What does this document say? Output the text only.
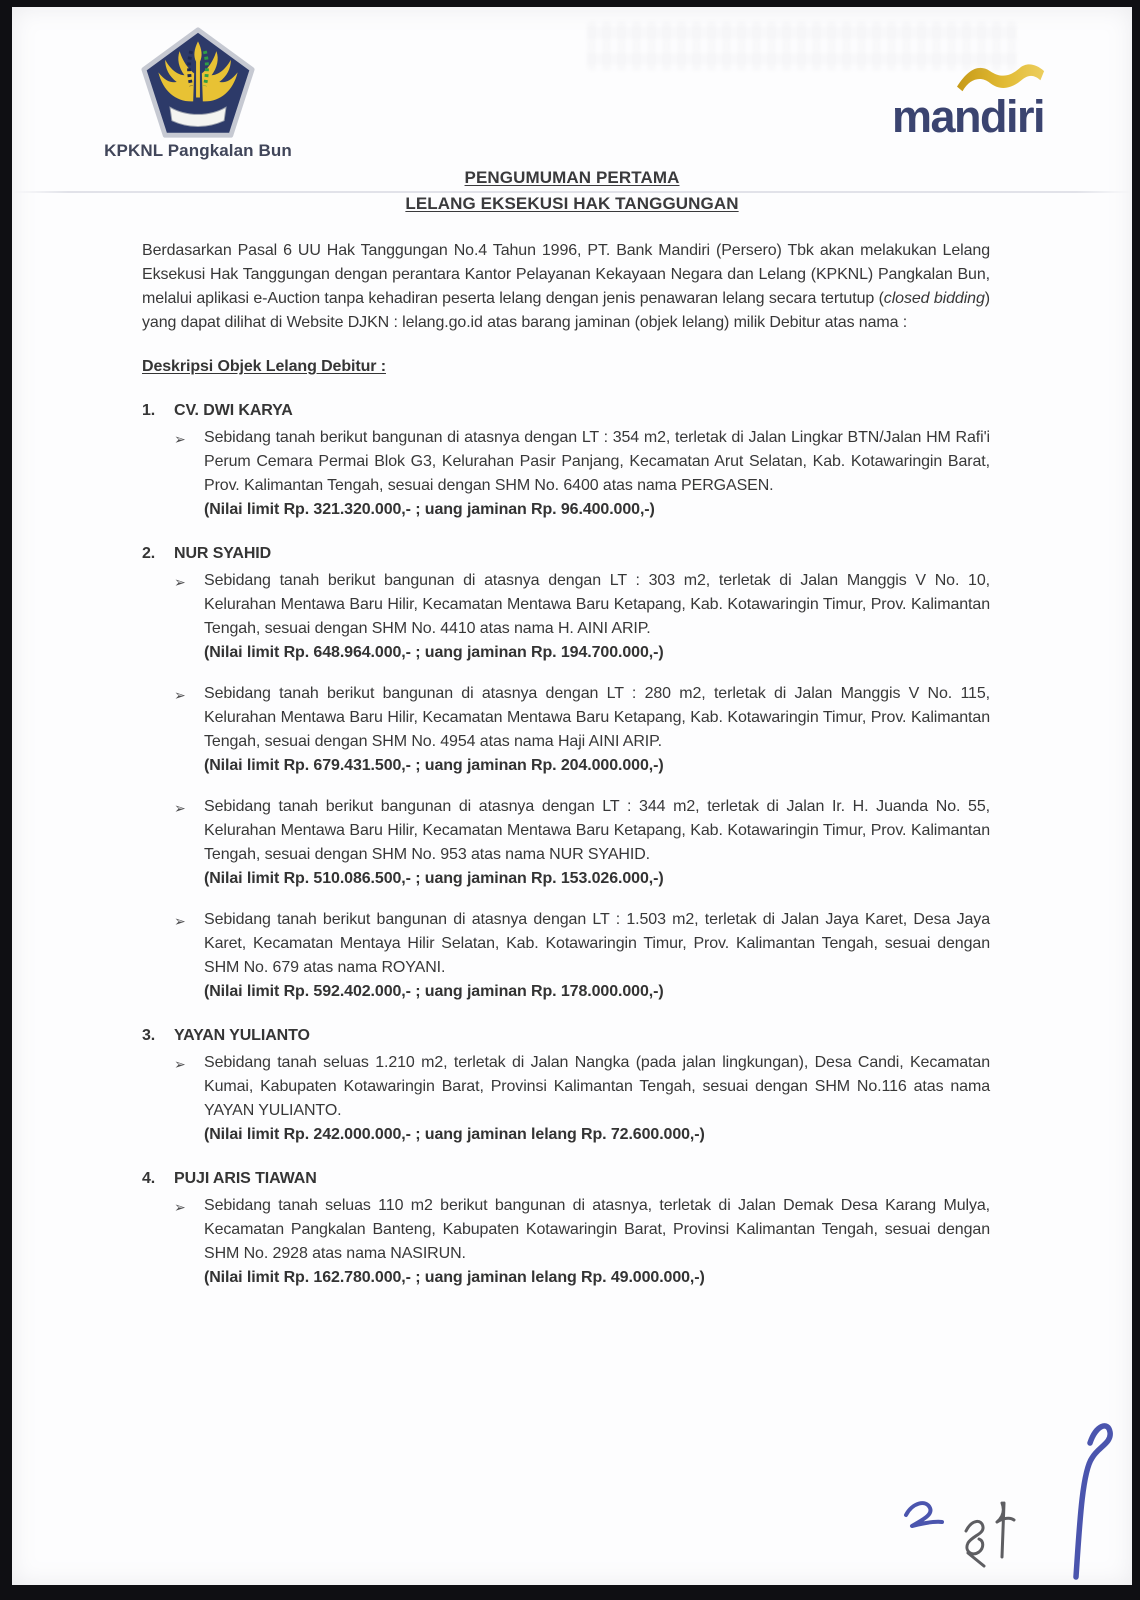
KPKNL Pangkalan Bun
mandiri
PENGUMUMAN PERTAMA
LELANG EKSEKUSI HAK TANGGUNGAN

Berdasarkan Pasal 6 UU Hak Tanggungan No.4 Tahun 1996, PT. Bank Mandiri (Persero) Tbk akan melakukan Lelang Eksekusi Hak Tanggungan dengan perantara Kantor Pelayanan Kekayaan Negara dan Lelang (KPKNL) Pangkalan Bun, melalui aplikasi e-Auction tanpa kehadiran peserta lelang dengan jenis penawaran lelang secara tertutup (closed bidding) yang dapat dilihat di Website DJKN : lelang.go.id atas barang jaminan (objek lelang) milik Debitur atas nama :

Deskripsi Objek Lelang Debitur :
1.	CV. DWI KARYA
➢	Sebidang tanah berikut bangunan di atasnya dengan LT : 354 m2, terletak di Jalan Lingkar BTN/Jalan HM Rafi'i Perum Cemara Permai Blok G3, Kelurahan Pasir Panjang, Kecamatan Arut Selatan, Kab. Kotawaringin Barat, Prov. Kalimantan Tengah, sesuai dengan SHM No. 6400 atas nama PERGASEN.

(Nilai limit Rp. 321.320.000,- ; uang jaminan Rp. 96.400.000,-)

2.	NUR SYAHID
➢	Sebidang tanah berikut bangunan di atasnya dengan LT : 303 m2, terletak di Jalan Manggis V No. 10, Kelurahan Mentawa Baru Hilir, Kecamatan Mentawa Baru Ketapang, Kab. Kotawaringin Timur, Prov. Kalimantan Tengah, sesuai dengan SHM No. 4410 atas nama H. AINI ARIP.

(Nilai limit Rp. 648.964.000,- ; uang jaminan Rp. 194.700.000,-)

➢	Sebidang tanah berikut bangunan di atasnya dengan LT : 280 m2, terletak di Jalan Manggis V No. 115, Kelurahan Mentawa Baru Hilir, Kecamatan Mentawa Baru Ketapang, Kab. Kotawaringin Timur, Prov. Kalimantan Tengah, sesuai dengan SHM No. 4954 atas nama Haji AINI ARIP.

(Nilai limit Rp. 679.431.500,- ; uang jaminan Rp. 204.000.000,-)

➢	Sebidang tanah berikut bangunan di atasnya dengan LT : 344 m2, terletak di Jalan Ir. H. Juanda No. 55, Kelurahan Mentawa Baru Hilir, Kecamatan Mentawa Baru Ketapang, Kab. Kotawaringin Timur, Prov. Kalimantan Tengah, sesuai dengan SHM No. 953 atas nama NUR SYAHID.

(Nilai limit Rp. 510.086.500,- ; uang jaminan Rp. 153.026.000,-)

➢	Sebidang tanah berikut bangunan di atasnya dengan LT : 1.503 m2, terletak di Jalan Jaya Karet, Desa Jaya Karet, Kecamatan Mentaya Hilir Selatan, Kab. Kotawaringin Timur, Prov. Kalimantan Tengah, sesuai dengan SHM No. 679 atas nama ROYANI.

(Nilai limit Rp. 592.402.000,- ; uang jaminan Rp. 178.000.000,-)

3.	YAYAN YULIANTO
➢	Sebidang tanah seluas 1.210 m2, terletak di Jalan Nangka (pada jalan lingkungan), Desa Candi, Kecamatan Kumai, Kabupaten Kotawaringin Barat, Provinsi Kalimantan Tengah, sesuai dengan SHM No.116 atas nama YAYAN YULIANTO.

(Nilai limit Rp. 242.000.000,- ; uang jaminan lelang Rp. 72.600.000,-)

4.	PUJI ARIS TIAWAN
➢	Sebidang tanah seluas 110 m2 berikut bangunan di atasnya, terletak di Jalan Demak Desa Karang Mulya, Kecamatan Pangkalan Banteng, Kabupaten Kotawaringin Barat, Provinsi Kalimantan Tengah, sesuai dengan SHM No. 2928 atas nama NASIRUN.

(Nilai limit Rp. 162.780.000,- ; uang jaminan lelang Rp. 49.000.000,-)
